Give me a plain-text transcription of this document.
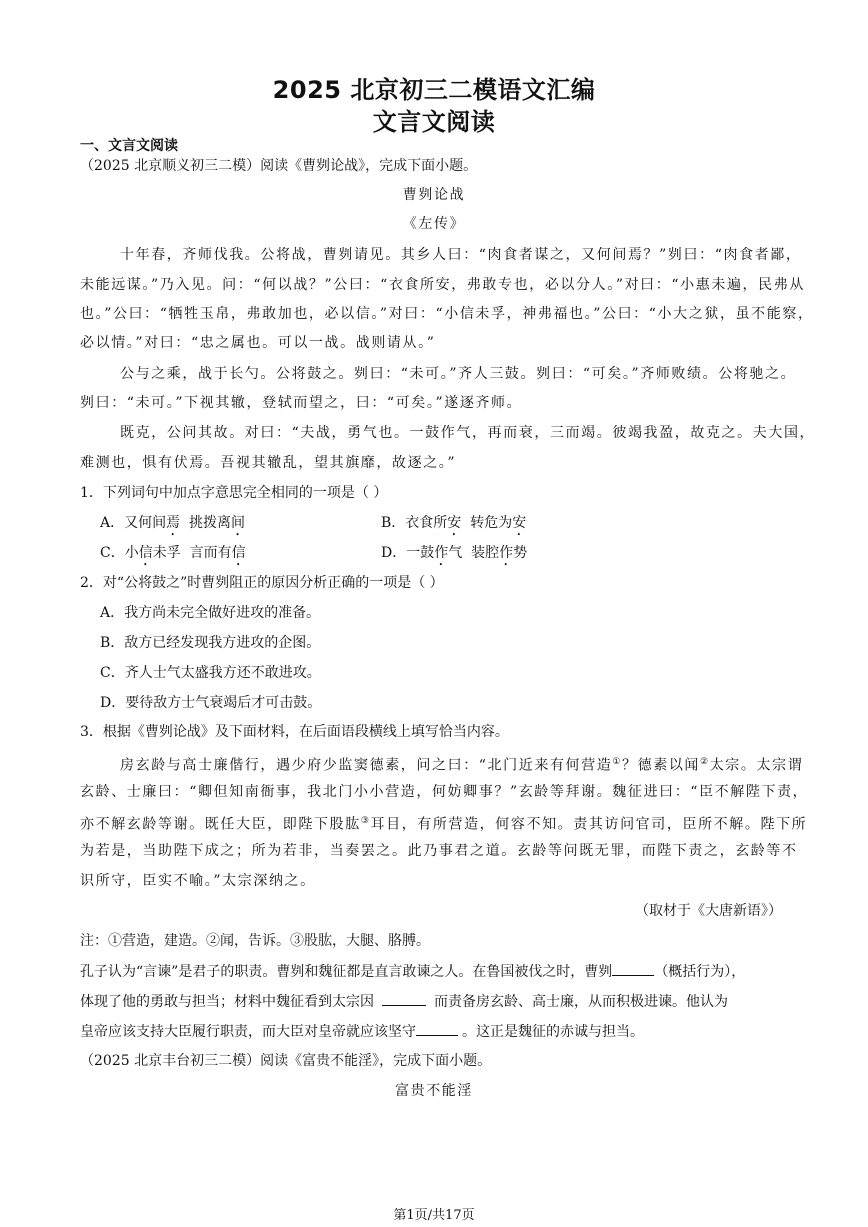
2025 北京初三二模语文汇编
文言文阅读
一、文言文阅读
（2025 北京顺义初三二模）阅读《曹刿论战》，完成下面小题。
曹刿论战
《左传》
十年春，齐师伐我。公将战，曹刿请见。其乡人曰：“肉食者谋之，又何间焉？”刿曰：“肉食者鄙，
未能远谋。”乃入见。问：“何以战？”公曰：“衣食所安，弗敢专也，必以分人。”对曰：“小惠未遍，民弗从
也。”公曰：“牺牲玉帛，弗敢加也，必以信。”对曰：“小信未孚，神弗福也。”公曰：“小大之狱，虽不能察，
必以情。”对曰：“忠之属也。可以一战。战则请从。”
公与之乘，战于长勺。公将鼓之。刿曰：“未可。”齐人三鼓。刿曰：“可矣。”齐师败绩。公将驰之。
刿曰：“未可。”下视其辙，登轼而望之，曰：“可矣。”遂逐齐师。
既克，公问其故。对曰：“夫战，勇气也。一鼓作气，再而衰，三而竭。彼竭我盈，故克之。夫大国，
难测也，惧有伏焉。吾视其辙乱，望其旗靡，故逐之。”
1．下列词句中加点字意思完全相同的一项是（ ）
A．又何间焉  挑拨离间	B．衣食所安  转危为安
C．小信未孚  言而有信	D．一鼓作气  装腔作势
2．对“公将鼓之”时曹刿阻正的原因分析正确的一项是（ ）
A．我方尚未完全做好进攻的准备。
B．敌方已经发现我方进攻的企图。
C．齐人士气太盛我方还不敢进攻。
D．要待敌方士气衰竭后才可击鼓。
3．根据《曹刿论战》及下面材料，在后面语段横线上填写恰当内容。
房玄龄与高士廉偕行，遇少府少监窦德素，问之曰：“北门近来有何营造①？德素以闻②太宗。太宗谓
玄龄、士廉曰：“卿但知南衙事，我北门小小营造，何妨卿事？”玄龄等拜谢。魏征进曰：“臣不解陛下责，
亦不解玄龄等谢。既任大臣，即陛下股肱③耳目，有所营造，何容不知。责其访问官司，臣所不解。陛下所
为若是，当助陛下成之；所为若非，当奏罢之。此乃事君之道。玄龄等问既无罪，而陛下责之，玄龄等不
识所守，臣实不喻。”太宗深纳之。
（取材于《大唐新语》）
注：①营造，建造。②闻，告诉。③股肱，大腿、胳膊。
孔子认为“言谏”是君子的职责。曹刿和魏征都是直言敢谏之人。在鲁国被伐之时，曹刿	（概括行为），
体现了他的勇敢与担当；材料中魏征看到太宗因	而责备房玄龄、高士廉，从而积极进谏。他认为
皇帝应该支持大臣履行职责，而大臣对皇帝就应该坚守	。这正是魏征的赤诚与担当。
（2025 北京丰台初三二模）阅读《富贵不能淫》，完成下面小题。
富贵不能淫
第1页/共17页
